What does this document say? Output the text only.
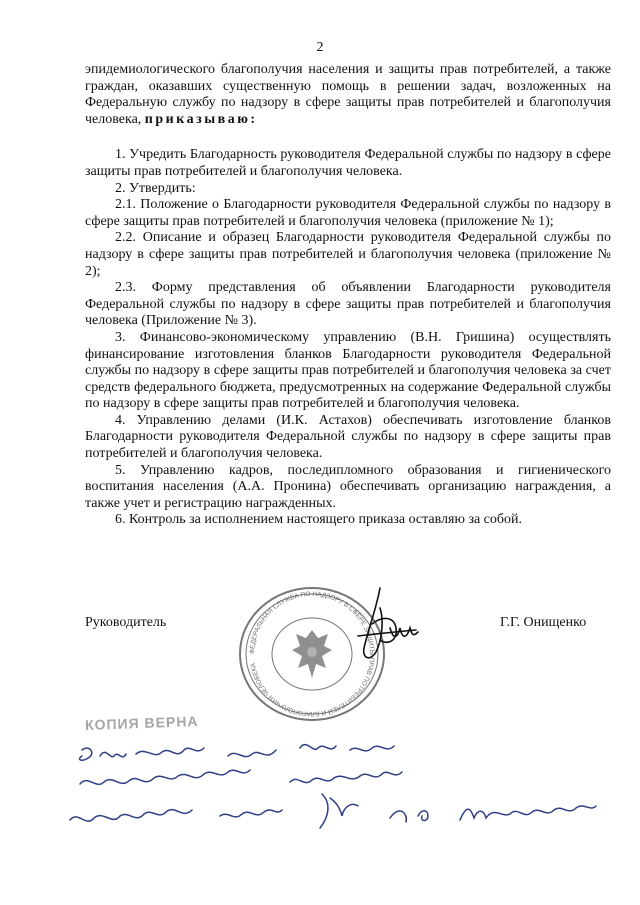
2

эпидемиологического благополучия населения и защиты прав потребителей, а также граждан, оказавших существенную помощь в решении задач, возложенных на Федеральную службу по надзору в сфере защиты прав потребителей и благополучия человека, приказываю:

1. Учредить Благодарность руководителя Федеральной службы по надзору в сфере защиты прав потребителей и благополучия человека.

2. Утвердить:

2.1. Положение о Благодарности руководителя Федеральной службы по надзору в сфере защиты прав потребителей и благополучия человека (приложение № 1);

2.2. Описание и образец Благодарности руководителя Федеральной службы по надзору в сфере защиты прав потребителей и благополучия человека (приложение № 2);

2.3. Форму представления об объявлении Благодарности руководителя Федеральной службы по надзору в сфере защиты прав потребителей и благополучия человека (Приложение № 3).

3. Финансово-экономическому управлению (В.Н. Гришина) осуществлять финансирование изготовления бланков Благодарности руководителя Федеральной службы по надзору в сфере защиты прав потребителей и благополучия человека за счет средств федерального бюджета, предусмотренных на содержание Федеральной службы по надзору в сфере защиты прав потребителей и благополучия человека.

4. Управлению делами (И.К. Астахов) обеспечивать изготовление бланков Благодарности руководителя Федеральной службы по надзору в сфере защиты прав потребителей и благополучия человека.

5. Управлению кадров, последипломного образования и гигиенического воспитания населения (А.А. Пронина) обеспечивать организацию награждения, а также учет и регистрацию награжденных.

6. Контроль за исполнением настоящего приказа оставляю за собой.

Руководитель	Г.Г. Онищенко
ФЕДЕРАЛЬНАЯ СЛУЖБА ПО НАДЗОРУ В СФЕРЕ ЗАЩИТЫ ПРАВ ПОТРЕБИТЕЛЕЙ И БЛАГОПОЛУЧИЯ ЧЕЛОВЕКА
КОПИЯ ВЕРНА
